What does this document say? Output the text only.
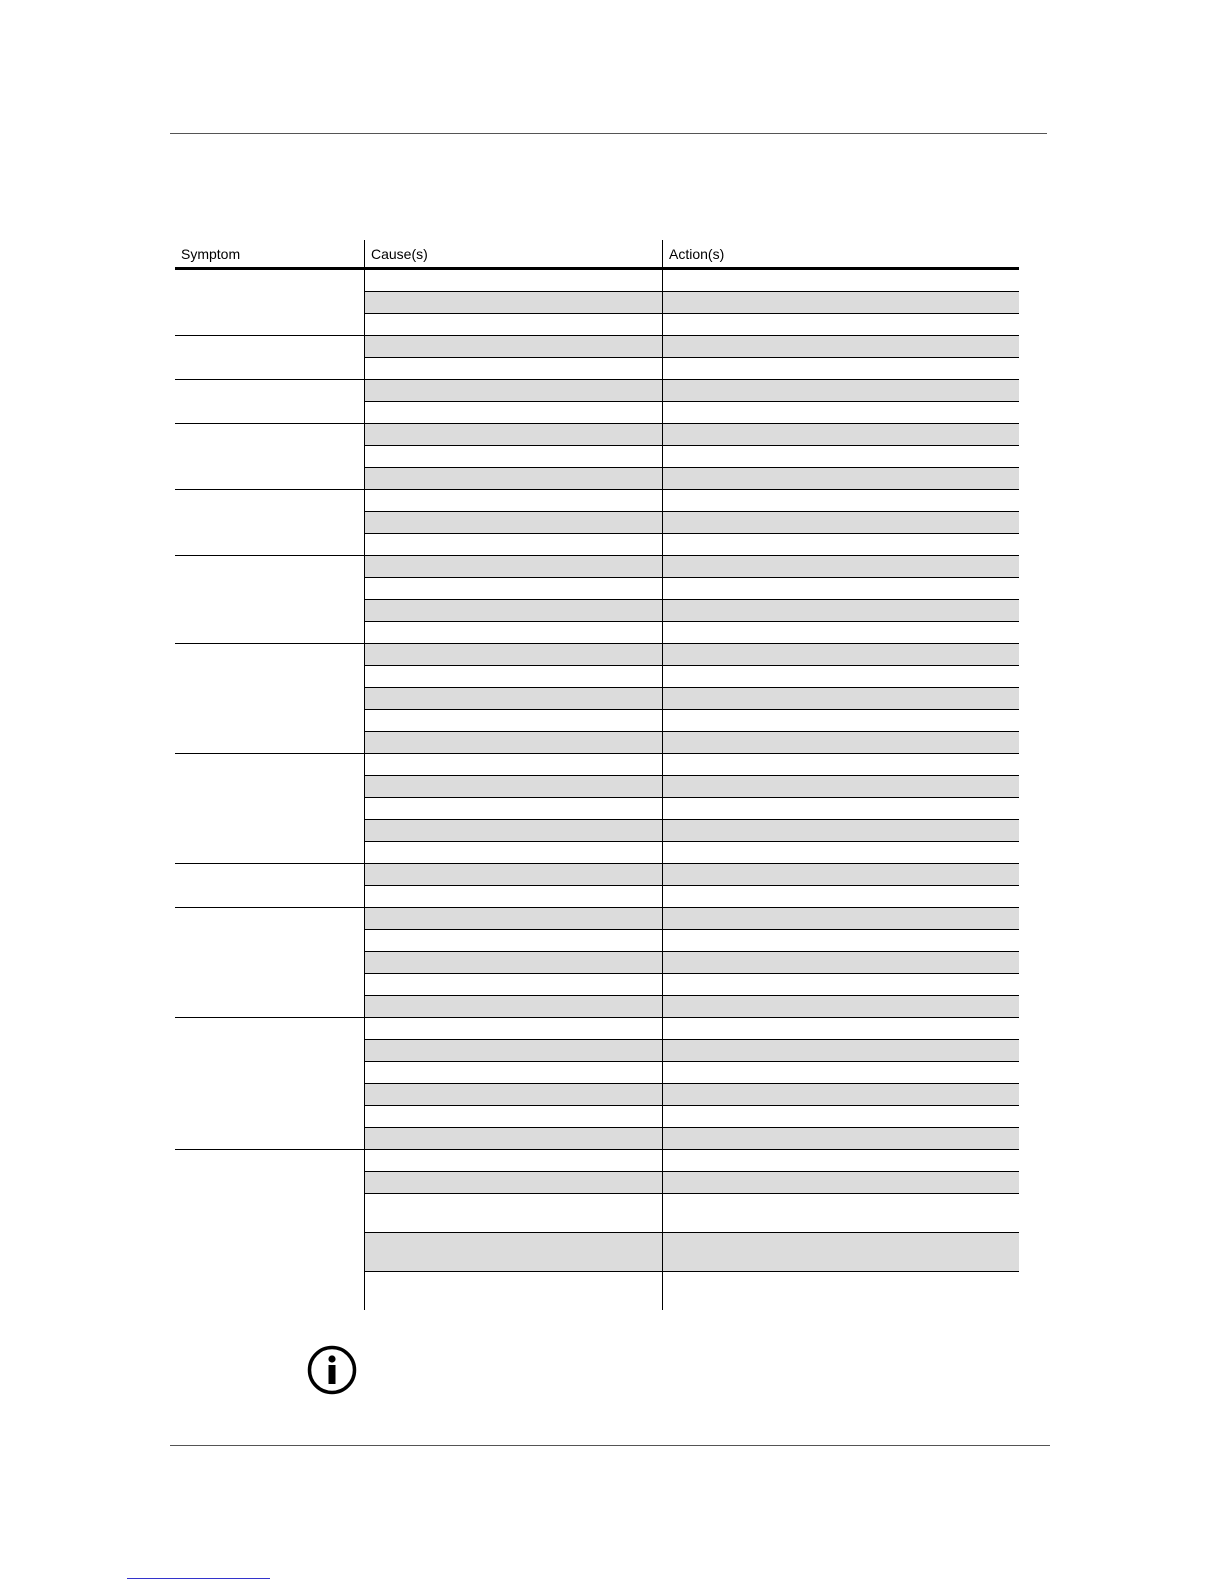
Symptom	Cause(s)	Action(s)
